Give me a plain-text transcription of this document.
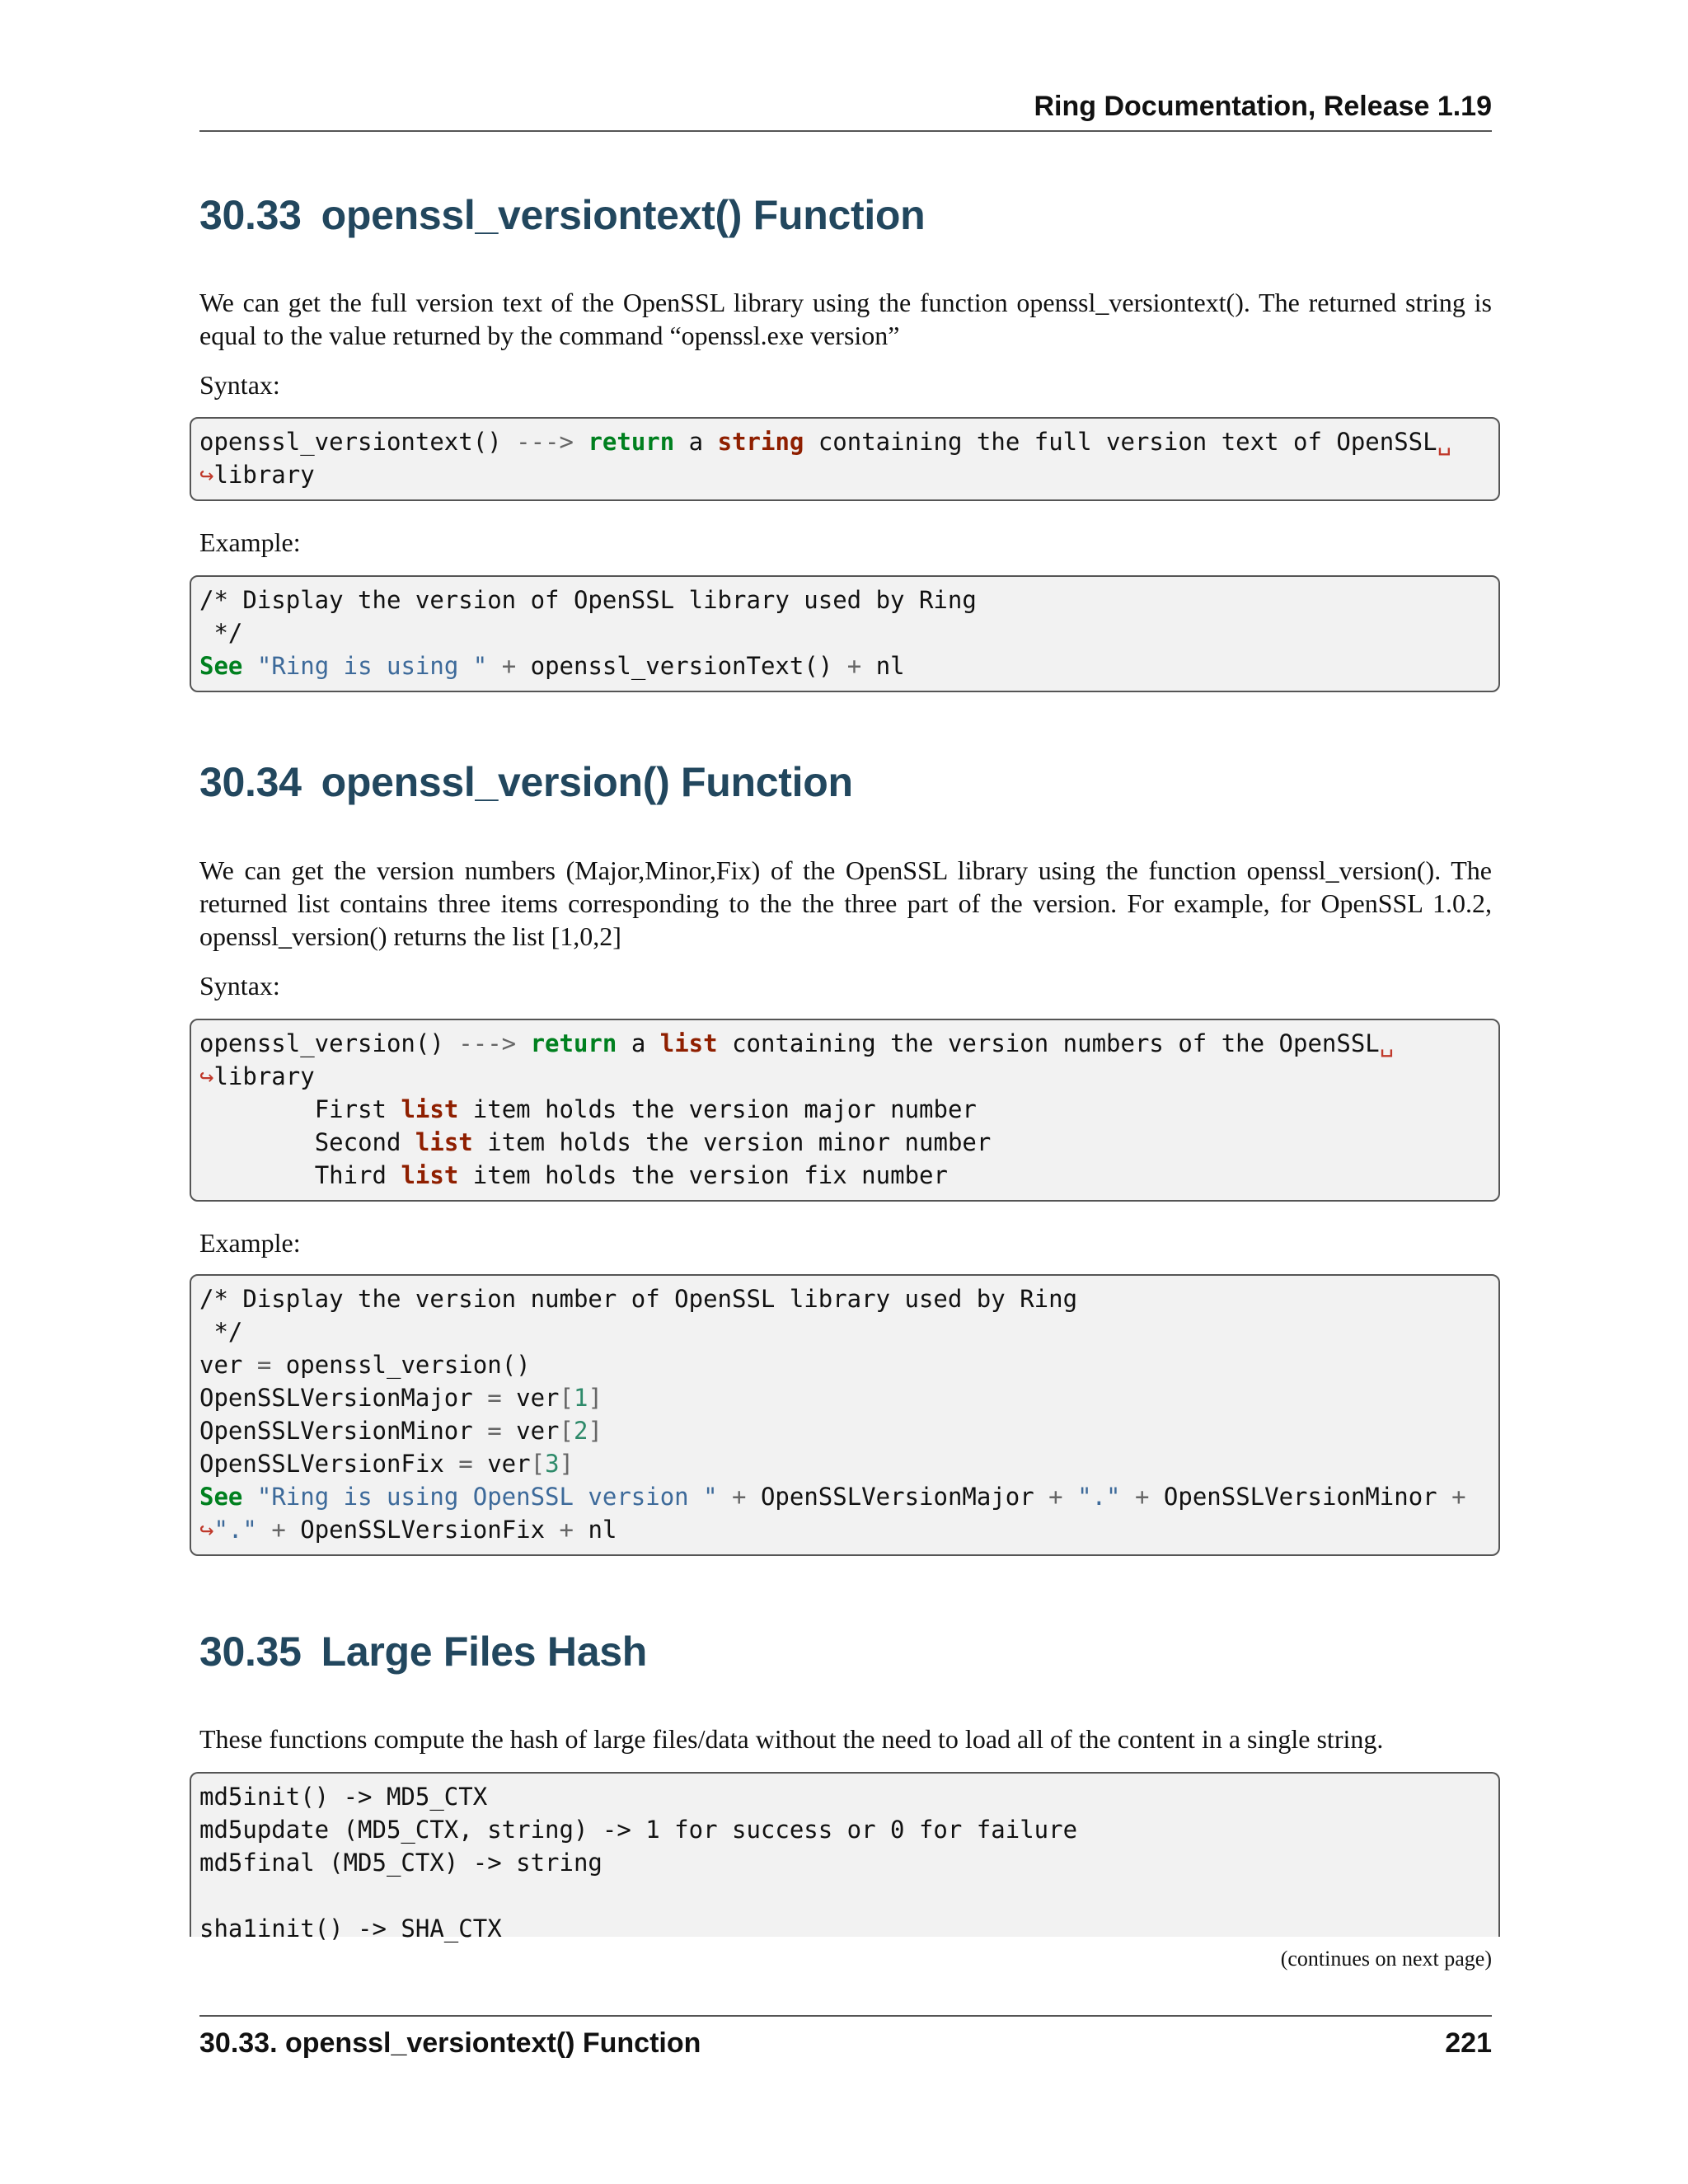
Ring Documentation, Release 1.19
30.33 openssl_versiontext() Function

We can get the full version text of the OpenSSL library using the function openssl_versiontext(). The returned string is equal to the value returned by the command “openssl.exe version”

Syntax:

openssl_versiontext() ---> return a string containing the full version text of OpenSSL␣
↪library

Example:

/* Display the version of OpenSSL library used by Ring
*/
See "Ring is using " + openssl_versionText() + nl
30.34 openssl_version() Function

We can get the version numbers (Major,Minor,Fix) of the OpenSSL library using the function openssl_version(). The returned list contains three items corresponding to the the three part of the version. For example, for OpenSSL 1.0.2, openssl_version() returns the list [1,0,2]

Syntax:

openssl_version() ---> return a list containing the version numbers of the OpenSSL␣
↪library
First list item holds the version major number
Second list item holds the version minor number
Third list item holds the version fix number

Example:

/* Display the version number of OpenSSL library used by Ring
*/
ver = openssl_version()
OpenSSLVersionMajor = ver[1]
OpenSSLVersionMinor = ver[2]
OpenSSLVersionFix = ver[3]
See "Ring is using OpenSSL version " + OpenSSLVersionMajor + "." + OpenSSLVersionMinor +
↪"." + OpenSSLVersionFix + nl
30.35 Large Files Hash

These functions compute the hash of large files/data without the need to load all of the content in a single string.

md5init() -> MD5_CTX
md5update (MD5_CTX, string) -> 1 for success or 0 for failure
md5final (MD5_CTX) -> string

sha1init() -> SHA_CTX
(continues on next page)
30.33. openssl_versiontext() Function	221
